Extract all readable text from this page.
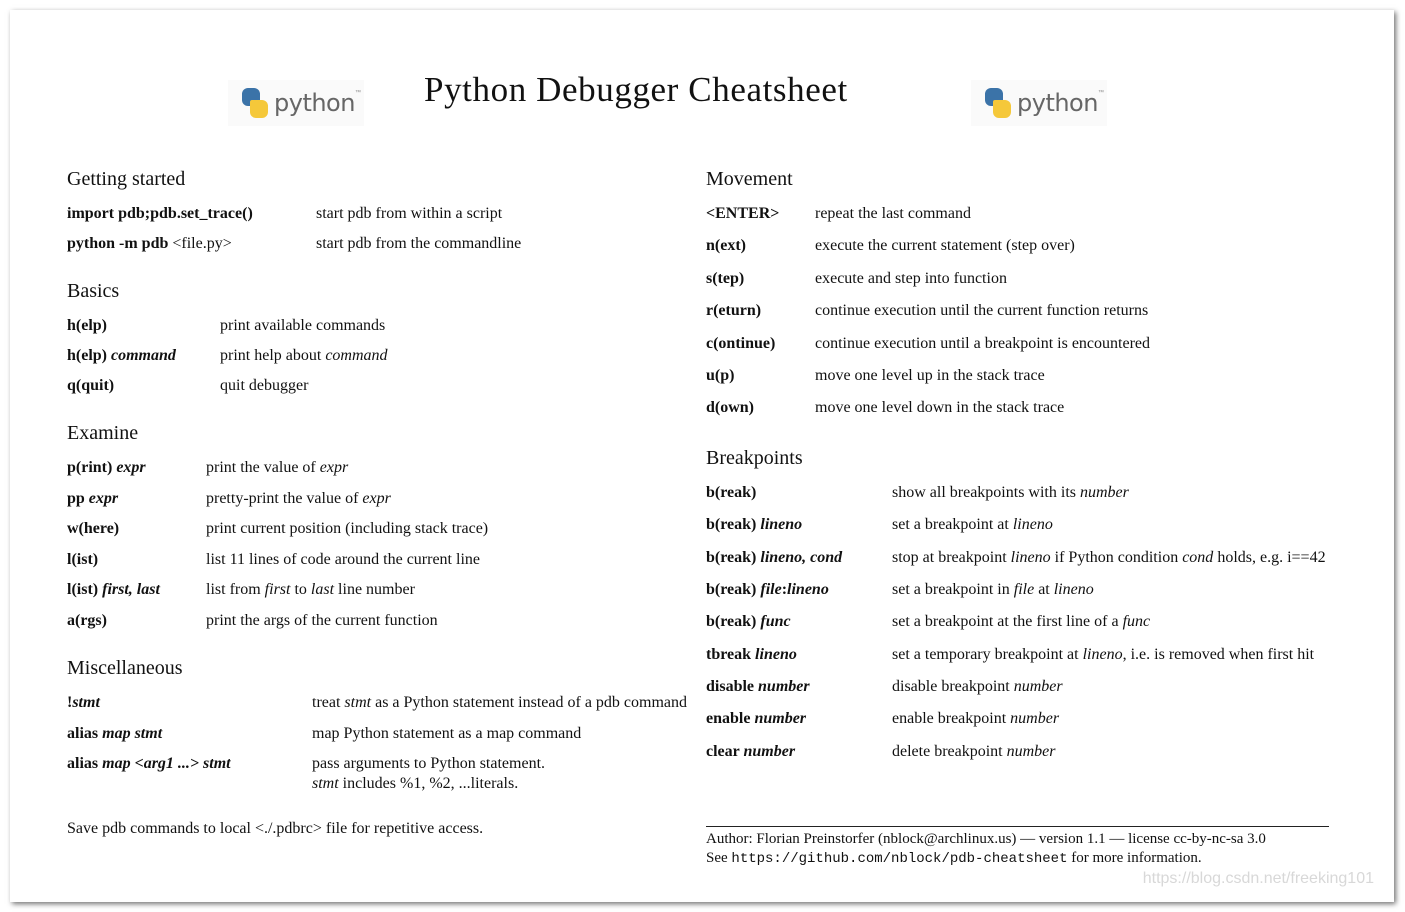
python ™ Python Debugger Cheatsheet	python ™
Getting started
import pdb;pdb.set_trace()	start pdb from within a script
python -m pdb <file.py>	start pdb from the commandline
Basics
h(elp)	print available commands
h(elp) command	print help about command
q(quit)	quit debugger
Examine
p(rint) expr	print the value of expr
pp expr	pretty-print the value of expr
w(here)	print current position (including stack trace)
l(ist)	list 11 lines of code around the current line
l(ist) first, last	list from first to last line number
a(rgs)	print the args of the current function
Miscellaneous
!stmt	treat stmt as a Python statement instead of a pdb command
alias map stmt	map Python statement as a map command
alias map <arg1 ...> stmt	pass arguments to Python statement.
stmt includes %1, %2, ...literals.
Save pdb commands to local <./.pdbrc> file for repetitive access.
Movement
<ENTER>	repeat the last command
n(ext)	execute the current statement (step over)
s(tep)	execute and step into function
r(eturn)	continue execution until the current function returns
c(ontinue)	continue execution until a breakpoint is encountered
u(p)	move one level up in the stack trace
d(own)	move one level down in the stack trace
Breakpoints
b(reak)	show all breakpoints with its number
b(reak) lineno	set a breakpoint at lineno
b(reak) lineno, cond	stop at breakpoint lineno if Python condition cond holds, e.g. i==42
b(reak) file:lineno	set a breakpoint in file at lineno
b(reak) func	set a breakpoint at the first line of a func
tbreak lineno	set a temporary breakpoint at lineno, i.e. is removed when first hit
disable number	disable breakpoint number
enable number	enable breakpoint number
clear number	delete breakpoint number
Author: Florian Preinstorfer (nblock@archlinux.us) — version 1.1 — license cc-by-nc-sa 3.0
See https://github.com/nblock/pdb-cheatsheet for more information.
https://blog.csdn.net/freeking101
